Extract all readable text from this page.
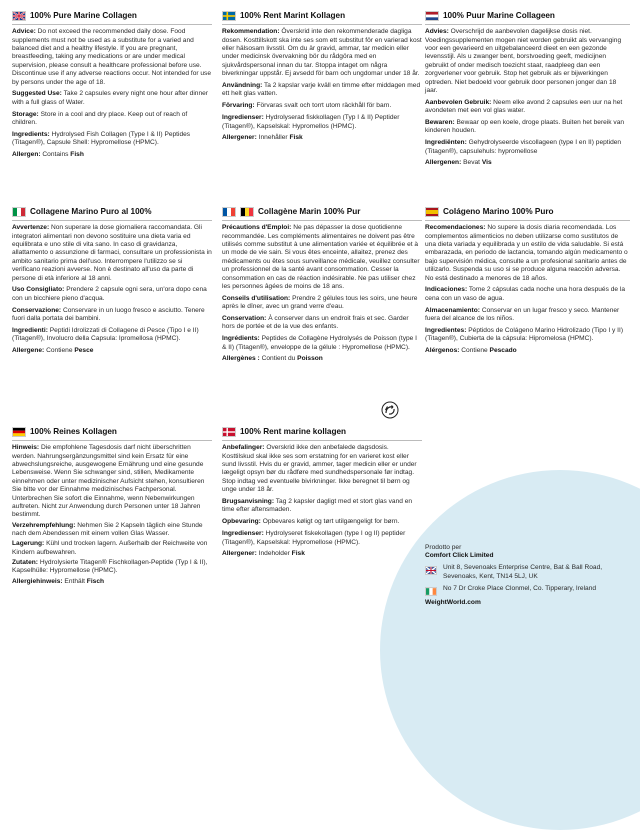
100% Pure Marine Collagen

Advice: Do not exceed the recommended daily dose. Food supplements must not be used as a substitute for a varied and balanced diet and a healthy lifestyle. If you are pregnant, breastfeeding, taking any medications or are under medical supervision, please consult a healthcare professional before use. Discontinue use if any adverse reactions occur. Not intended for use by persons under the age of 18.

Suggested Use: Take 2 capsules every night one hour after dinner with a full glass of Water.

Storage: Store in a cool and dry place. Keep out of reach of children.

Ingredients: Hydrolysed Fish Collagen (Type I & II) Peptides (Titagen®), Capsule Shell: Hypromellose (HPMC).

Allergen: Contains Fish

100% Rent Marint Kollagen

Rekommendation: Överskrid inte den rekommenderade dagliga dosen. Kosttillskott ska inte ses som ett substitut för en varierad kost eller hälsosam livsstil. Om du är gravid, ammar, tar medicin eller under medicinsk övervakning bör du rådgöra med en sjukvårdspersonal innan du tar. Stoppa intaget om några biverkningar uppstår. Ej avsedd för barn och ungdomar under 18 år.

Användning: Ta 2 kapslar varje kväll en timme efter middagen med ett helt glas vatten.

Förvaring: Förvaras svalt och torrt utom räckhåll för barn.

Ingredienser: Hydrolyserad fiskkollagen (Typ I & II) Peptider (Titagen®), Kapselskal: Hypromellos (HPMC).

Allergener: Innehåller Fisk

100% Puur Marine Collageen

Advies: Overschrijd de aanbevolen dagelijkse dosis niet. Voedingssupplementen mogen niet worden gebruikt als vervanging voor een gevarieerd en uitgebalanceerd dieet en een gezonde levensstijl. Als u zwanger bent, borstvoeding geeft, medicijnen gebruikt of onder medisch toezicht staat, raadpleeg dan een zorgverlener voor gebruik. Stop het gebruik als er bijwerkingen optreden. Niet bedoeld voor gebruik door personen jonger dan 18 jaar.

Aanbevolen Gebruik: Neem elke avond 2 capsules een uur na het avondeten met een vol glas water.

Bewaren: Bewaar op een koele, droge plaats. Buiten het bereik van kinderen houden.

Ingrediënten: Gehydrolyseerde viscollageen (type I en II) peptiden (Titagen®), capsulehuls: hypromellose

Allergenen: Bevat Vis

Collagene Marino Puro al 100%

Avvertenze: Non superare la dose giornaliera raccomandata. Gli integratori alimentari non devono sostituire una dieta varia ed equilibrata e uno stile di vita sano. In caso di gravidanza, allattamento o assunzione di farmaci, consultare un professionista in ambito sanitario prima dell'uso. Interrompere l'utilizzo se si verificano reazioni avverse. Non è destinato all'uso da parte di persone di età inferiore al 18 anni.

Uso Consigliato: Prendere 2 capsule ogni sera, un'ora dopo cena con un bicchiere pieno d'acqua.

Conservazione: Conservare in un luogo fresco e asciutto. Tenere fuori dalla portata dei bambini.

Ingredienti: Peptidi Idrolizzati di Collagene di Pesce (Tipo I e II) (Titagen®), Involucro della Capsula: Ipromellosa (HPMC).

Allergene: Contiene Pesce

Collagène Marin 100% Pur

Précautions d'Emploi: Ne pas dépasser la dose quotidienne recommandée. Les compléments alimentaires ne doivent pas être utilisés comme substitut à une alimentation variée et équilibrée et à un mode de vie sain. Si vous êtes enceinte, allaitez, prenez des médicaments ou êtes sous surveillance médicale, veuillez consulter un professionnel de la santé avant consommation. Cesser la consommation en cas de réaction indésirable. Ne pas utiliser chez les personnes âgées de moins de 18 ans.

Conseils d'utilisation: Prendre 2 gélules tous les soirs, une heure après le dîner, avec un grand verre d'eau.

Conservation: À conserver dans un endroit frais et sec. Garder hors de portée et de la vue des enfants.

Ingrédients: Peptides de Collagène Hydrolysés de Poisson (type I & II) (Titagen®), enveloppe de la gélule : Hypromellose (HPMC).

Allergènes : Contient du Poisson

Colágeno Marino 100% Puro

Recomendaciones: No supere la dosis diaria recomendada. Los complementos alimenticios no deben utilizarse como sustitutos de una dieta variada y equilibrada y un estilo de vida saludable. Si está embarazada, en periodo de lactancia, tomando algún medicamento o bajo supervisión médica, consulte a un profesional sanitario antes de utilizarlo. Suspenda su uso si se produce alguna reacción adversa. No está destinado a menores de 18 años.

Indicaciones: Tome 2 cápsulas cada noche una hora después de la cena con un vaso de agua.

Almacenamiento: Conservar en un lugar fresco y seco. Mantener fuera del alcance de los niños.

Ingredientes: Péptidos de Colágeno Marino Hidrolizado (Tipo I y II) (Titagen®), Cubierta de la cápsula: Hipromelosa (HPMC).

Alérgenos: Contiene Pescado

100% Reines Kollagen

Hinweis: Die empfohlene Tagesdosis darf nicht überschritten werden. Nahrungsergänzungsmittel sind kein Ersatz für eine abwechslungsreiche, ausgewogene Ernährung und eine gesunde Lebensweise. Wenn Sie schwanger sind, stillen, Medikamente einnehmen oder unter medizinischer Aufsicht stehen, konsultieren Sie bitte vor der Einnahme medizinisches Fachpersonal. Unterbrechen Sie sofort die Einnahme, wenn Nebenwirkungen auftreten. Nicht zur Anwendung durch Personen unter 18 Jahren bestimmt.

Verzehrempfehlung: Nehmen Sie 2 Kapseln täglich eine Stunde nach dem Abendessen mit einem vollen Glas Wasser.

Lagerung: Kühl und trocken lagern. Außerhalb der Reichweite von Kindern aufbewahren.

Zutaten: Hydrolysierte Titagen® Fischkollagen-Peptide (Typ I & II), Kapselhülle: Hypromellose (HPMC).

Allergiehinweis: Enthält Fisch

100% Rent marine kollagen

Anbefalinger: Overskrid ikke den anbefalede dagsdosis. Kosttilskud skal ikke ses som erstatning for en varieret kost eller sund livsstil. Hvis du er gravid, ammer, tager medicin eller er under lægeligt opsyn bør du rådføre med sundhedspersonale før indtag. Stop indtag ved eventuelle bivirkninger. Ikke beregnet til børn og unge under 18 år.

Brugsanvisning: Tag 2 kapsler dagligt med et stort glas vand en time efter aftensmaden.

Opbevaring: Opbevares køligt og tørt utilgængeligt for børn.

Ingredienser: Hydrolyseret fiskekollagen (type I og II) peptider (Titagen®), Kapselskal: Hypromellose (HPMC).

Allergener: Indeholder Fisk

Prodotto per
Comfort Click Limited
Unit 8, Sevenoaks Enterprise Centre, Bat & Ball Road, Sevenoaks, Kent, TN14 5LJ, UK
No 7 Dr Croke Place Clonmel, Co. Tipperary, Ireland
WeightWorld.com
